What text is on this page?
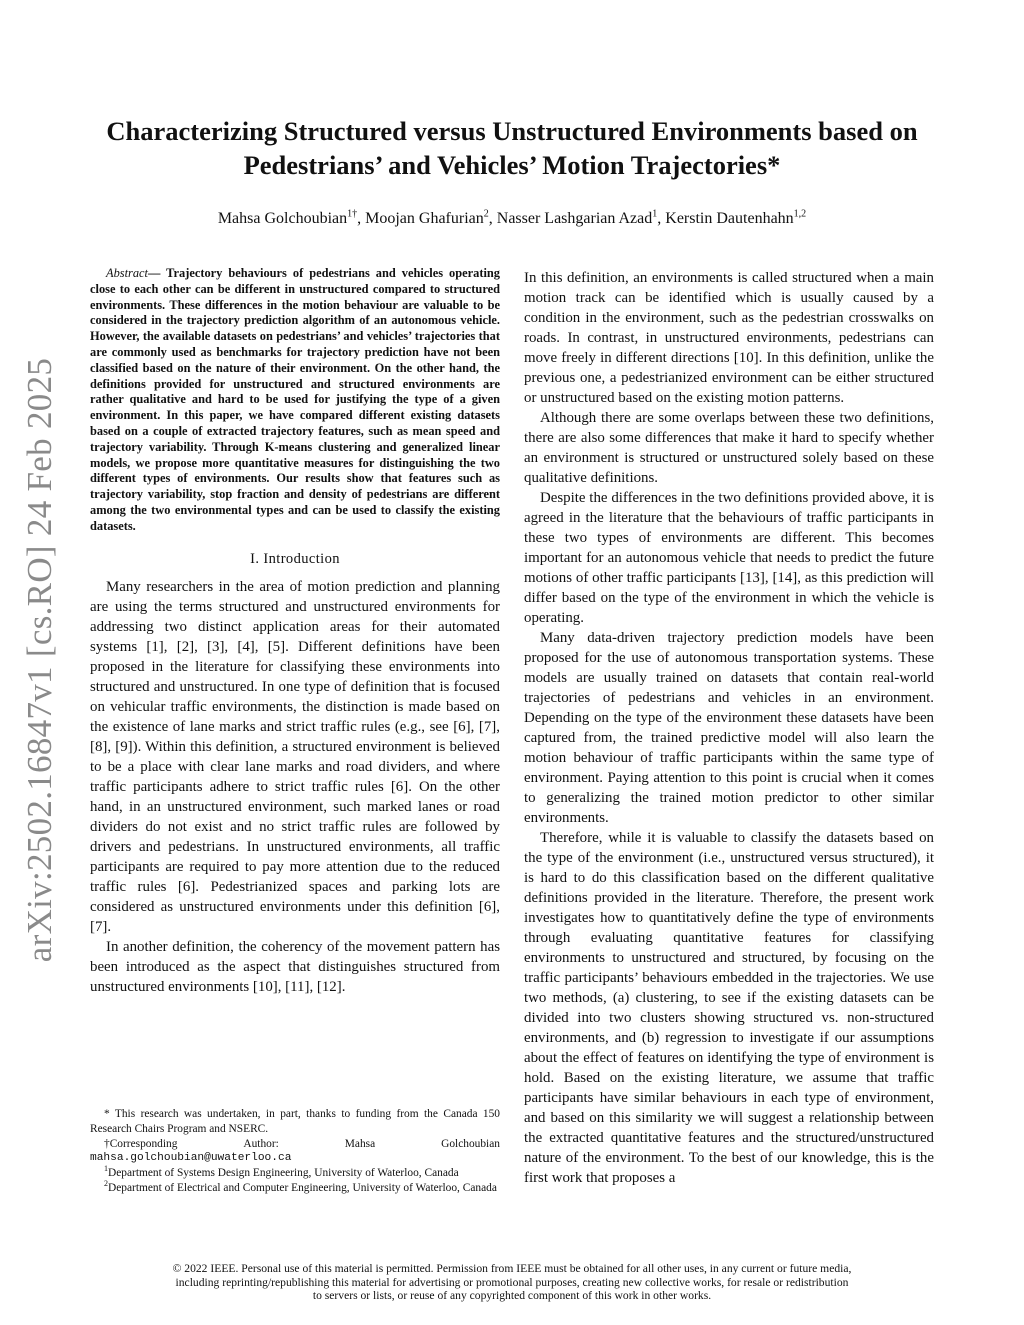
arXiv:2502.16847v1 [cs.RO] 24 Feb 2025
Characterizing Structured versus Unstructured Environments based on
Pedestrians’ and Vehicles’ Motion Trajectories*
Mahsa Golchoubian$^{1\dagger}$, Moojan Ghafurian$^2$, Nasser Lashgarian Azad$^1$, Kerstin Dautenhahn$^{1,2}$

Abstract— Trajectory behaviours of pedestrians and vehicles operating close to each other can be different in unstructured compared to structured environments. These differences in the motion behaviour are valuable to be considered in the trajectory prediction algorithm of an autonomous vehicle. However, the available datasets on pedestrians’ and vehicles’ trajectories that are commonly used as benchmarks for trajectory prediction have not been classified based on the nature of their environment. On the other hand, the definitions provided for unstructured and structured environments are rather qualitative and hard to be used for justifying the type of a given environment. In this paper, we have compared different existing datasets based on a couple of extracted trajectory features, such as mean speed and trajectory variability. Through K-means clustering and generalized linear models, we propose more quantitative measures for distinguishing the two different types of environments. Our results show that features such as trajectory variability, stop fraction and density of pedestrians are different among the two environmental types and can be used to classify the existing datasets.

I. Introduction

Many researchers in the area of motion prediction and planning are using the terms structured and unstructured environments for addressing two distinct application areas for their automated systems [1], [2], [3], [4], [5]. Different definitions have been proposed in the literature for classifying these environments into structured and unstructured. In one type of definition that is focused on vehicular traffic environments, the distinction is made based on the existence of lane marks and strict traffic rules (e.g., see [6], [7], [8], [9]). Within this definition, a structured environment is believed to be a place with clear lane marks and road dividers, and where traffic participants adhere to strict traffic rules [6]. On the other hand, in an unstructured environment, such marked lanes or road dividers do not exist and no strict traffic rules are followed by drivers and pedestrians. In unstructured environments, all traffic participants are required to pay more attention due to the reduced traffic rules [6]. Pedestrianized spaces and parking lots are considered as unstructured environments under this definition [6], [7].

In another definition, the coherency of the movement pattern has been introduced as the aspect that distinguishes structured from unstructured environments [10], [11], [12].

* This research was undertaken, in part, thanks to funding from the Canada 150 Research Chairs Program and NSERC.

†Corresponding	Author:	Mahsa	Golchoubian

mahsa.golchoubian@uwaterloo.ca

$^1$Department of Systems Design Engineering, University of Waterloo, Canada

$^2$Department of Electrical and Computer Engineering, University of Waterloo, Canada

In this definition, an environments is called structured when a main motion track can be identified which is usually caused by a condition in the environment, such as the pedestrian crosswalks on roads. In contrast, in unstructured environments, pedestrians can move freely in different directions [10]. In this definition, unlike the previous one, a pedestrianized environment can be either structured or unstructured based on the existing motion patterns.

Although there are some overlaps between these two definitions, there are also some differences that make it hard to specify whether an environment is structured or unstructured solely based on these qualitative definitions.

Despite the differences in the two definitions provided above, it is agreed in the literature that the behaviours of traffic participants in these two types of environments are different. This becomes important for an autonomous vehicle that needs to predict the future motions of other traffic participants [13], [14], as this prediction will differ based on the type of the environment in which the vehicle is operating.

Many data-driven trajectory prediction models have been proposed for the use of autonomous transportation systems. These models are usually trained on datasets that contain real-world trajectories of pedestrians and vehicles in an environment. Depending on the type of the environment these datasets have been captured from, the trained predictive model will also learn the motion behaviour of traffic participants within the same type of environment. Paying attention to this point is crucial when it comes to generalizing the trained motion predictor to other similar environments.

Therefore, while it is valuable to classify the datasets based on the type of the environment (i.e., unstructured versus structured), it is hard to do this classification based on the different qualitative definitions provided in the literature. Therefore, the present work investigates how to quantitatively define the type of environments through evaluating quantitative features for classifying environments to unstructured and structured, by focusing on the traffic participants’ behaviours embedded in the trajectories. We use two methods, (a) clustering, to see if the existing datasets can be divided into two clusters showing structured vs. non-structured environments, and (b) regression to investigate if our assumptions about the effect of features on identifying the type of environment is hold. Based on the existing literature, we assume that traffic participants have similar behaviours in each type of environment, and based on this similarity we will suggest a relationship between the extracted quantitative features and the structured/unstructured nature of the environment. To the best of our knowledge, this is the first work that proposes a

© 2022 IEEE. Personal use of this material is permitted. Permission from IEEE must be obtained for all other uses, in any current or future media,
including reprinting/republishing this material for advertising or promotional purposes, creating new collective works, for resale or redistribution
to servers or lists, or reuse of any copyrighted component of this work in other works.
